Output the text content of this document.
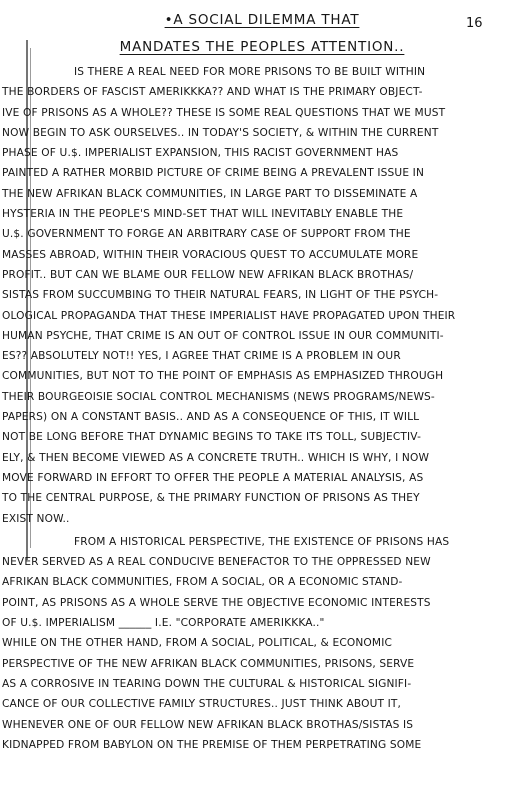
•A SOCIAL DILEMMA THAT
MANDATES THE PEOPLES ATTENTION..
16
IS THERE A REAL NEED FOR MORE PRISONS TO BE BUILT WITHIN
THE BORDERS OF FASCIST AMERIKKKA?? AND WHAT IS THE PRIMARY OBJECT-
IVE OF PRISONS AS A WHOLE?? THESE IS SOME REAL QUESTIONS THAT WE MUST
NOW BEGIN TO ASK OURSELVES.. IN TODAY'S SOCIETY, & WITHIN THE CURRENT
PHASE OF U.$. IMPERIALIST EXPANSION, THIS RACIST GOVERNMENT HAS
PAINTED A RATHER MORBID PICTURE OF CRIME BEING A PREVALENT ISSUE IN
THE NEW AFRIKAN BLACK COMMUNITIES, IN LARGE PART TO DISSEMINATE A
HYSTERIA IN THE PEOPLE'S MIND-SET THAT WILL INEVITABLY ENABLE THE
U.$. GOVERNMENT TO FORGE AN ARBITRARY CASE OF SUPPORT FROM THE
MASSES ABROAD, WITHIN THEIR VORACIOUS QUEST TO ACCUMULATE MORE
PROFIT.. BUT CAN WE BLAME OUR FELLOW NEW AFRIKAN BLACK BROTHAS/
SISTAS FROM SUCCUMBING TO THEIR NATURAL FEARS, IN LIGHT OF THE PSYCH-
OLOGICAL PROPAGANDA THAT THESE IMPERIALIST HAVE PROPAGATED UPON THEIR
HUMAN PSYCHE, THAT CRIME IS AN OUT OF CONTROL ISSUE IN OUR COMMUNITI-
ES?? ABSOLUTELY NOT!! YES, I AGREE THAT CRIME IS A PROBLEM IN OUR
COMMUNITIES, BUT NOT TO THE POINT OF EMPHASIS AS EMPHASIZED THROUGH
THEIR BOURGEOISIE SOCIAL CONTROL MECHANISMS (NEWS PROGRAMS/NEWS-
PAPERS) ON A CONSTANT BASIS.. AND AS A CONSEQUENCE OF THIS, IT WILL
NOT BE LONG BEFORE THAT DYNAMIC BEGINS TO TAKE ITS TOLL, SUBJECTIV-
ELY, & THEN BECOME VIEWED AS A CONCRETE TRUTH.. WHICH IS WHY, I NOW
MOVE FORWARD IN EFFORT TO OFFER THE PEOPLE A MATERIAL ANALYSIS, AS
TO THE CENTRAL PURPOSE, & THE PRIMARY FUNCTION OF PRISONS AS THEY
EXIST NOW..
FROM A HISTORICAL PERSPECTIVE, THE EXISTENCE OF PRISONS HAS
NEVER SERVED AS A REAL CONDUCIVE BENEFACTOR TO THE OPPRESSED NEW
AFRIKAN BLACK COMMUNITIES, FROM A SOCIAL, OR A ECONOMIC STAND-
POINT, AS PRISONS AS A WHOLE SERVE THE OBJECTIVE ECONOMIC INTERESTS
OF U.$. IMPERIALISM ______ I.E. "CORPORATE AMERIKKKA.."
WHILE ON THE OTHER HAND, FROM A SOCIAL, POLITICAL, & ECONOMIC
PERSPECTIVE OF THE NEW AFRIKAN BLACK COMMUNITIES, PRISONS, SERVE
AS A CORROSIVE IN TEARING DOWN THE CULTURAL & HISTORICAL SIGNIFI-
CANCE OF OUR COLLECTIVE FAMILY STRUCTURES.. JUST THINK ABOUT IT,
WHENEVER ONE OF OUR FELLOW NEW AFRIKAN BLACK BROTHAS/SISTAS IS
KIDNAPPED FROM BABYLON ON THE PREMISE OF THEM PERPETRATING SOME
